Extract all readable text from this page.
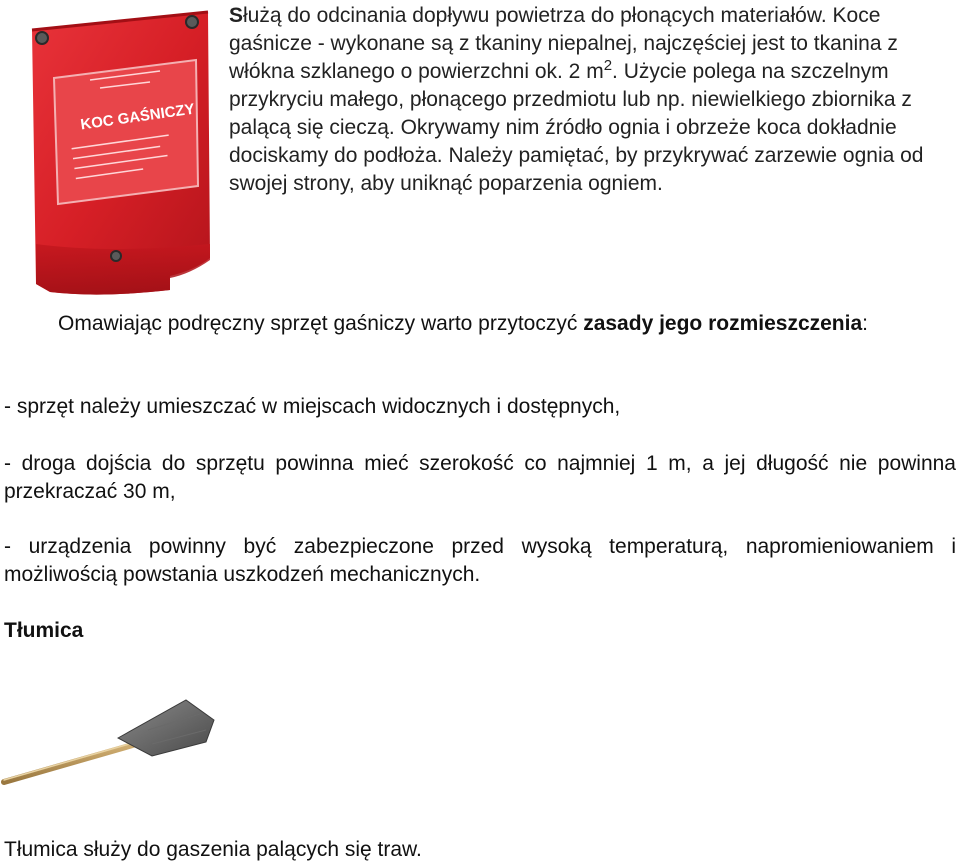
KOC GAŚNICZY
Służą do odcinania dopływu powietrza do płonących materiałów. Koce gaśnicze - wykonane są z tkaniny niepalnej, najczęściej jest to tkanina z włókna szklanego o powierzchni ok. 2 $m^2$. Użycie polega na szczelnym przykryciu małego, płonącego przedmiotu lub np. niewielkiego zbiornika z palącą się cieczą. Okrywamy nim źródło ognia i obrzeże koca dokładnie dociskamy do podłoża. Należy pamiętać, by przykrywać zarzewie ognia od swojej strony, aby uniknąć poparzenia ogniem.
Omawiając podręczny sprzęt gaśniczy warto przytoczyć zasady jego rozmieszczenia:
- sprzęt należy umieszczać w miejscach widocznych i dostępnych,
- droga dojścia do sprzętu powinna mieć szerokość co najmniej 1 m, a jej długość nie powinna przekraczać 30 m,
- urządzenia powinny być zabezpieczone przed wysoką temperaturą, napromieniowaniem i możliwością powstania uszkodzeń mechanicznych.
Tłumica
Tłumica służy do gaszenia palących się traw.
